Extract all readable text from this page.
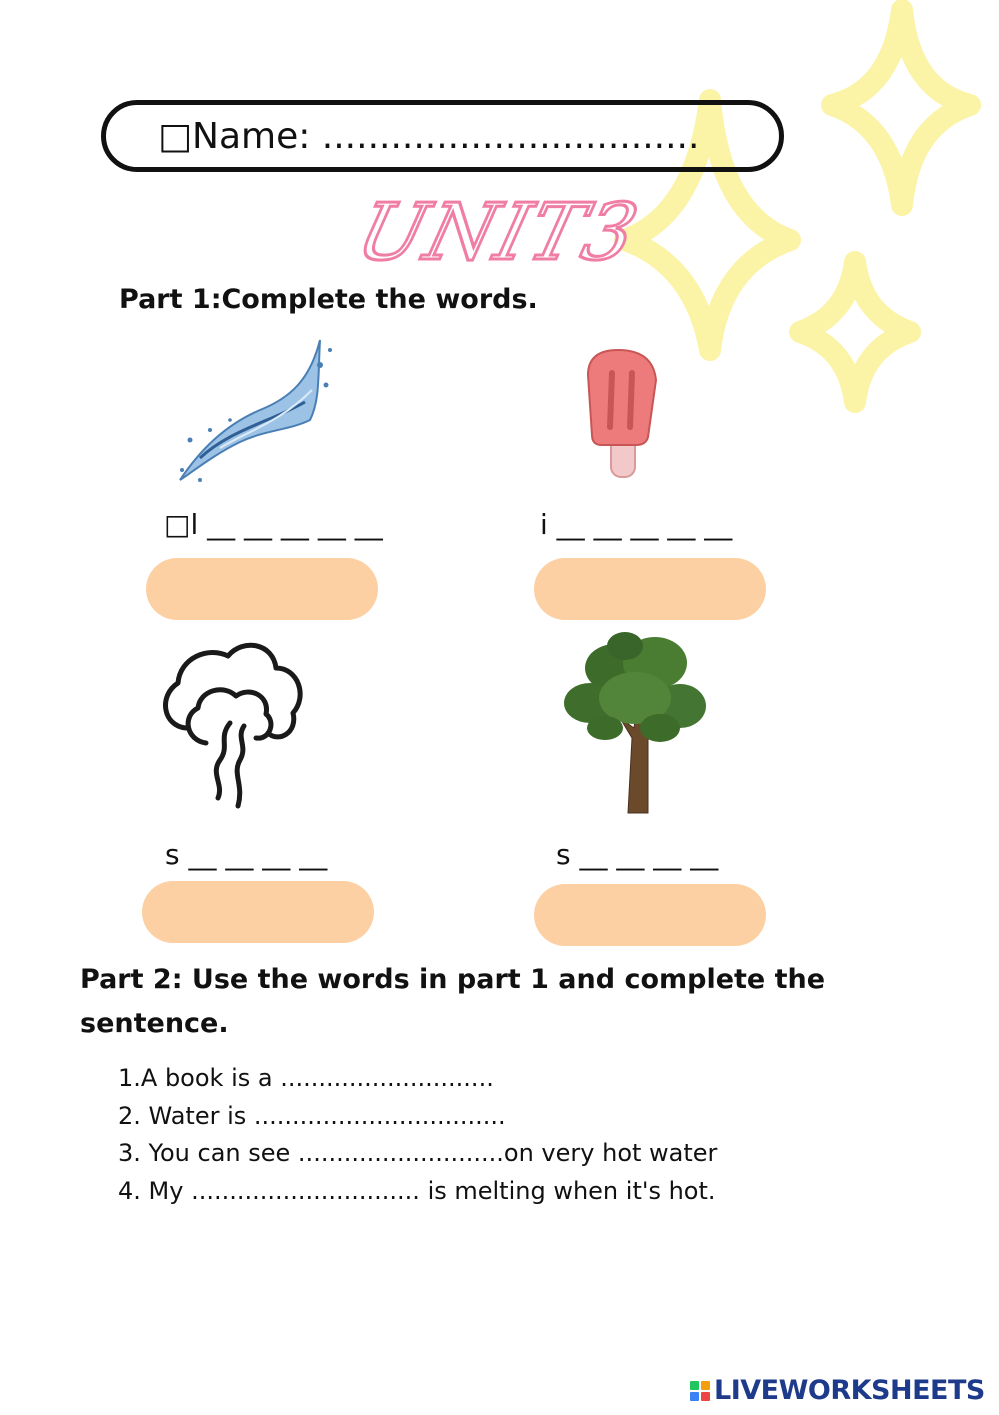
□Name: .................................
UNIT3
Part 1:Complete the words.
□l __ __ __ __ __	i __ __ __ __ __
s __ __ __ __	s __ __ __ __
Part 2: Use the words in part 1 and complete the sentence.
1.A book is a ............................
2. Water is .................................
3. You can see ...........................on very hot water
4. My .............................. is melting when it's hot.
LIVEWORKSHEETS
